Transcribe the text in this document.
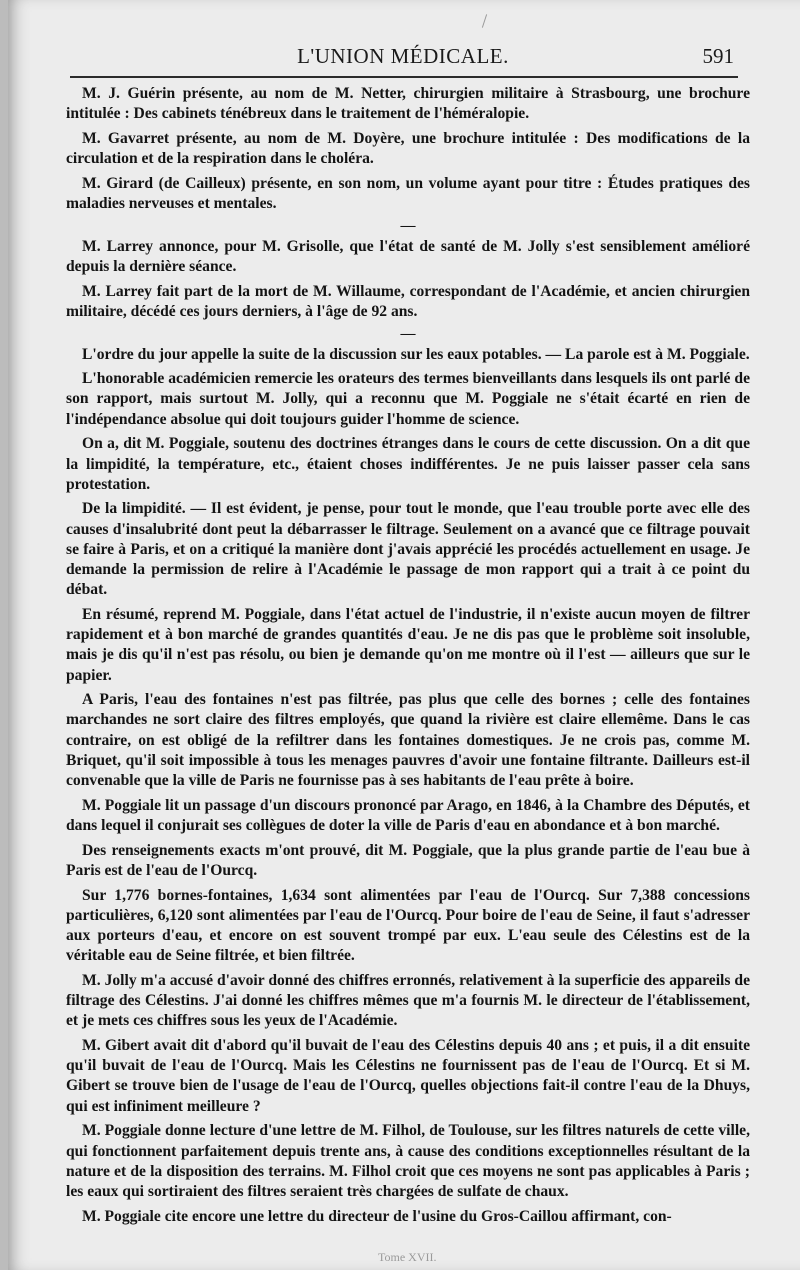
L'UNION MÉDICALE.	591

M. J. Guérin présente, au nom de M. Netter, chirurgien militaire à Strasbourg, une brochure intitulée : Des cabinets ténébreux dans le traitement de l'héméralopie.

M. Gavarret présente, au nom de M. Doyère, une brochure intitulée : Des modifications de la circulation et de la respiration dans le choléra.

M. Girard (de Cailleux) présente, en son nom, un volume ayant pour titre : Études pratiques des maladies nerveuses et mentales.

—

M. Larrey annonce, pour M. Grisolle, que l'état de santé de M. Jolly s'est sensiblement amélioré depuis la dernière séance.

M. Larrey fait part de la mort de M. Willaume, correspondant de l'Académie, et ancien chirurgien militaire, décédé ces jours derniers, à l'âge de 92 ans.

—

L'ordre du jour appelle la suite de la discussion sur les eaux potables. — La parole est à M. Poggiale.

L'honorable académicien remercie les orateurs des termes bienveillants dans lesquels ils ont parlé de son rapport, mais surtout M. Jolly, qui a reconnu que M. Poggiale ne s'était écarté en rien de l'indépendance absolue qui doit toujours guider l'homme de science.

On a, dit M. Poggiale, soutenu des doctrines étranges dans le cours de cette discussion. On a dit que la limpidité, la température, etc., étaient choses indifférentes. Je ne puis laisser passer cela sans protestation.

De la limpidité. — Il est évident, je pense, pour tout le monde, que l'eau trouble porte avec elle des causes d'insalubrité dont peut la débarrasser le filtrage. Seulement on a avancé que ce filtrage pouvait se faire à Paris, et on a critiqué la manière dont j'avais apprécié les procédés actuellement en usage. Je demande la permission de relire à l'Académie le passage de mon rapport qui a trait à ce point du débat.

En résumé, reprend M. Poggiale, dans l'état actuel de l'industrie, il n'existe aucun moyen de filtrer rapidement et à bon marché de grandes quantités d'eau. Je ne dis pas que le problème soit insoluble, mais je dis qu'il n'est pas résolu, ou bien je demande qu'on me montre où il l'est — ailleurs que sur le papier.

A Paris, l'eau des fontaines n'est pas filtrée, pas plus que celle des bornes ; celle des fontaines marchandes ne sort claire des filtres employés, que quand la rivière est claire ellemême. Dans le cas contraire, on est obligé de la refiltrer dans les fontaines domestiques. Je ne crois pas, comme M. Briquet, qu'il soit impossible à tous les menages pauvres d'avoir une fontaine filtrante. Dailleurs est-il convenable que la ville de Paris ne fournisse pas à ses habitants de l'eau prête à boire.

M. Poggiale lit un passage d'un discours prononcé par Arago, en 1846, à la Chambre des Députés, et dans lequel il conjurait ses collègues de doter la ville de Paris d'eau en abondance et à bon marché.

Des renseignements exacts m'ont prouvé, dit M. Poggiale, que la plus grande partie de l'eau bue à Paris est de l'eau de l'Ourcq.

Sur 1,776 bornes-fontaines, 1,634 sont alimentées par l'eau de l'Ourcq. Sur 7,388 concessions particulières, 6,120 sont alimentées par l'eau de l'Ourcq. Pour boire de l'eau de Seine, il faut s'adresser aux porteurs d'eau, et encore on est souvent trompé par eux. L'eau seule des Célestins est de la véritable eau de Seine filtrée, et bien filtrée.

M. Jolly m'a accusé d'avoir donné des chiffres erronnés, relativement à la superficie des appareils de filtrage des Célestins. J'ai donné les chiffres mêmes que m'a fournis M. le directeur de l'établissement, et je mets ces chiffres sous les yeux de l'Académie.

M. Gibert avait dit d'abord qu'il buvait de l'eau des Célestins depuis 40 ans ; et puis, il a dit ensuite qu'il buvait de l'eau de l'Ourcq. Mais les Célestins ne fournissent pas de l'eau de l'Ourcq. Et si M. Gibert se trouve bien de l'usage de l'eau de l'Ourcq, quelles objections fait-il contre l'eau de la Dhuys, qui est infiniment meilleure ?

M. Poggiale donne lecture d'une lettre de M. Filhol, de Toulouse, sur les filtres naturels de cette ville, qui fonctionnent parfaitement depuis trente ans, à cause des conditions exceptionnelles résultant de la nature et de la disposition des terrains. M. Filhol croit que ces moyens ne sont pas applicables à Paris ; les eaux qui sortiraient des filtres seraient très chargées de sulfate de chaux.

M. Poggiale cite encore une lettre du directeur de l'usine du Gros-Caillou affirmant, con-

Tome XVII.
